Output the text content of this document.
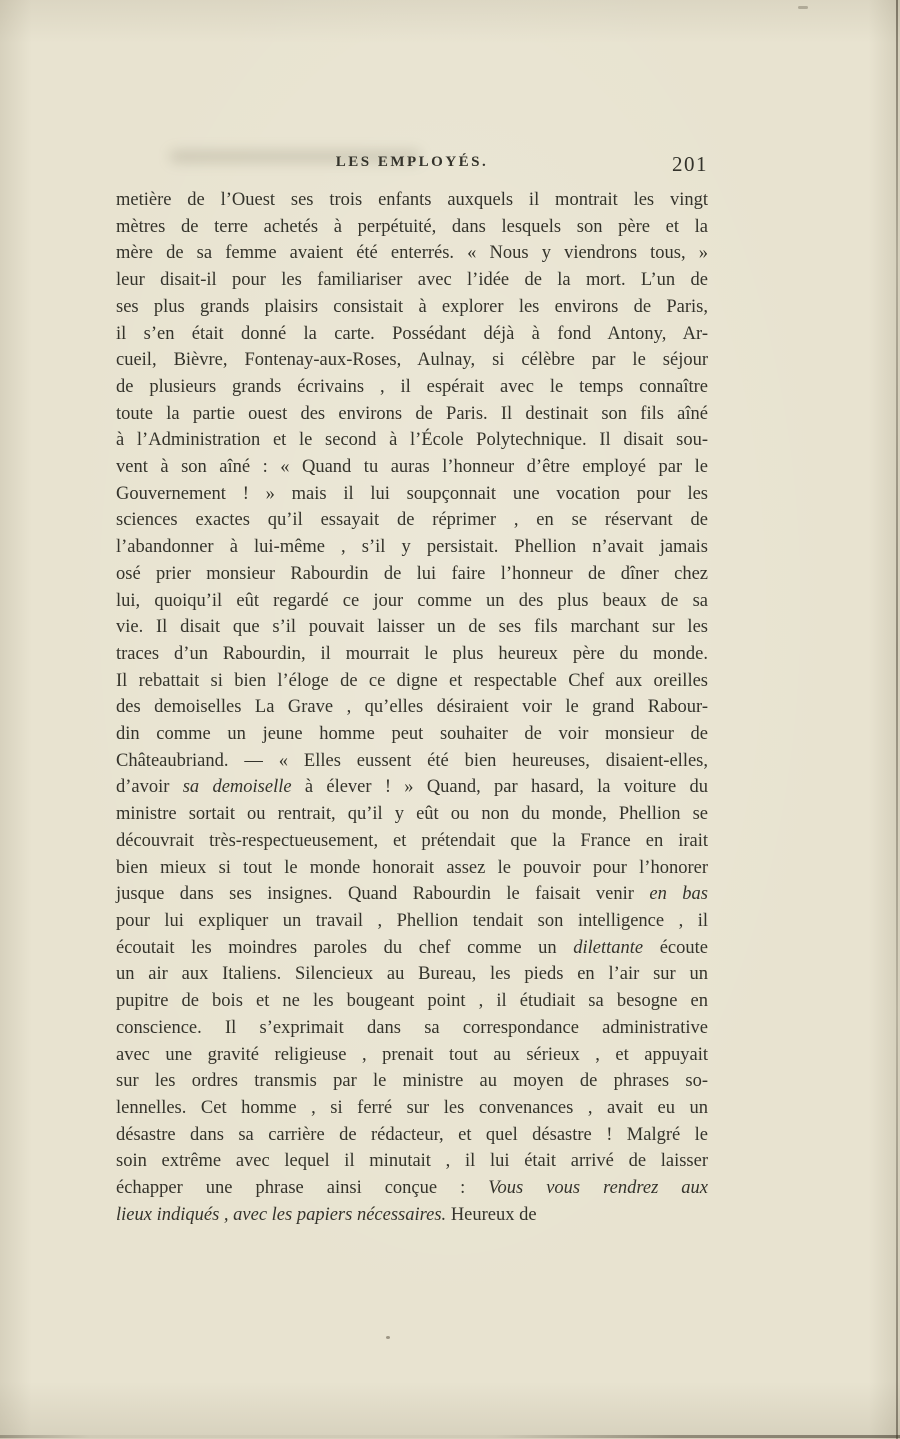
LES EMPLOYÉS.	201
metière de l’Ouest ses trois enfants auxquels il montrait les vingt
mètres de terre achetés à perpétuité, dans lesquels son père et la
mère de sa femme avaient été enterrés. « Nous y viendrons tous, »
leur disait-il pour les familiariser avec l’idée de la mort. L’un de
ses plus grands plaisirs consistait à explorer les environs de Paris,
il s’en était donné la carte. Possédant déjà à fond Antony, Ar-
cueil, Bièvre, Fontenay-aux-Roses, Aulnay, si célèbre par le séjour
de plusieurs grands écrivains , il espérait avec le temps connaître
toute la partie ouest des environs de Paris. Il destinait son fils aîné
à l’Administration et le second à l’École Polytechnique. Il disait sou-
vent à son aîné : « Quand tu auras l’honneur d’être employé par le
Gouvernement ! » mais il lui soupçonnait une vocation pour les
sciences exactes qu’il essayait de réprimer , en se réservant de
l’abandonner à lui-même , s’il y persistait. Phellion n’avait jamais
osé prier monsieur Rabourdin de lui faire l’honneur de dîner chez
lui, quoiqu’il eût regardé ce jour comme un des plus beaux de sa
vie. Il disait que s’il pouvait laisser un de ses fils marchant sur les
traces d’un Rabourdin, il mourrait le plus heureux père du monde.
Il rebattait si bien l’éloge de ce digne et respectable Chef aux oreilles
des demoiselles La Grave , qu’elles désiraient voir le grand Rabour-
din comme un jeune homme peut souhaiter de voir monsieur de
Châteaubriand. — « Elles eussent été bien heureuses, disaient-elles,
d’avoir sa demoiselle à élever ! » Quand, par hasard, la voiture du
ministre sortait ou rentrait, qu’il y eût ou non du monde, Phellion se
découvrait très-respectueusement, et prétendait que la France en irait
bien mieux si tout le monde honorait assez le pouvoir pour l’honorer
jusque dans ses insignes. Quand Rabourdin le faisait venir en bas
pour lui expliquer un travail , Phellion tendait son intelligence , il
écoutait les moindres paroles du chef comme un dilettante écoute
un air aux Italiens. Silencieux au Bureau, les pieds en l’air sur un
pupitre de bois et ne les bougeant point , il étudiait sa besogne en
conscience. Il s’exprimait dans sa correspondance administrative
avec une gravité religieuse , prenait tout au sérieux , et appuyait
sur les ordres transmis par le ministre au moyen de phrases so-
lennelles. Cet homme , si ferré sur les convenances , avait eu un
désastre dans sa carrière de rédacteur, et quel désastre ! Malgré le
soin extrême avec lequel il minutait , il lui était arrivé de laisser
échapper une phrase ainsi conçue : Vous vous rendrez aux
lieux indiqués , avec les papiers nécessaires. Heureux de
